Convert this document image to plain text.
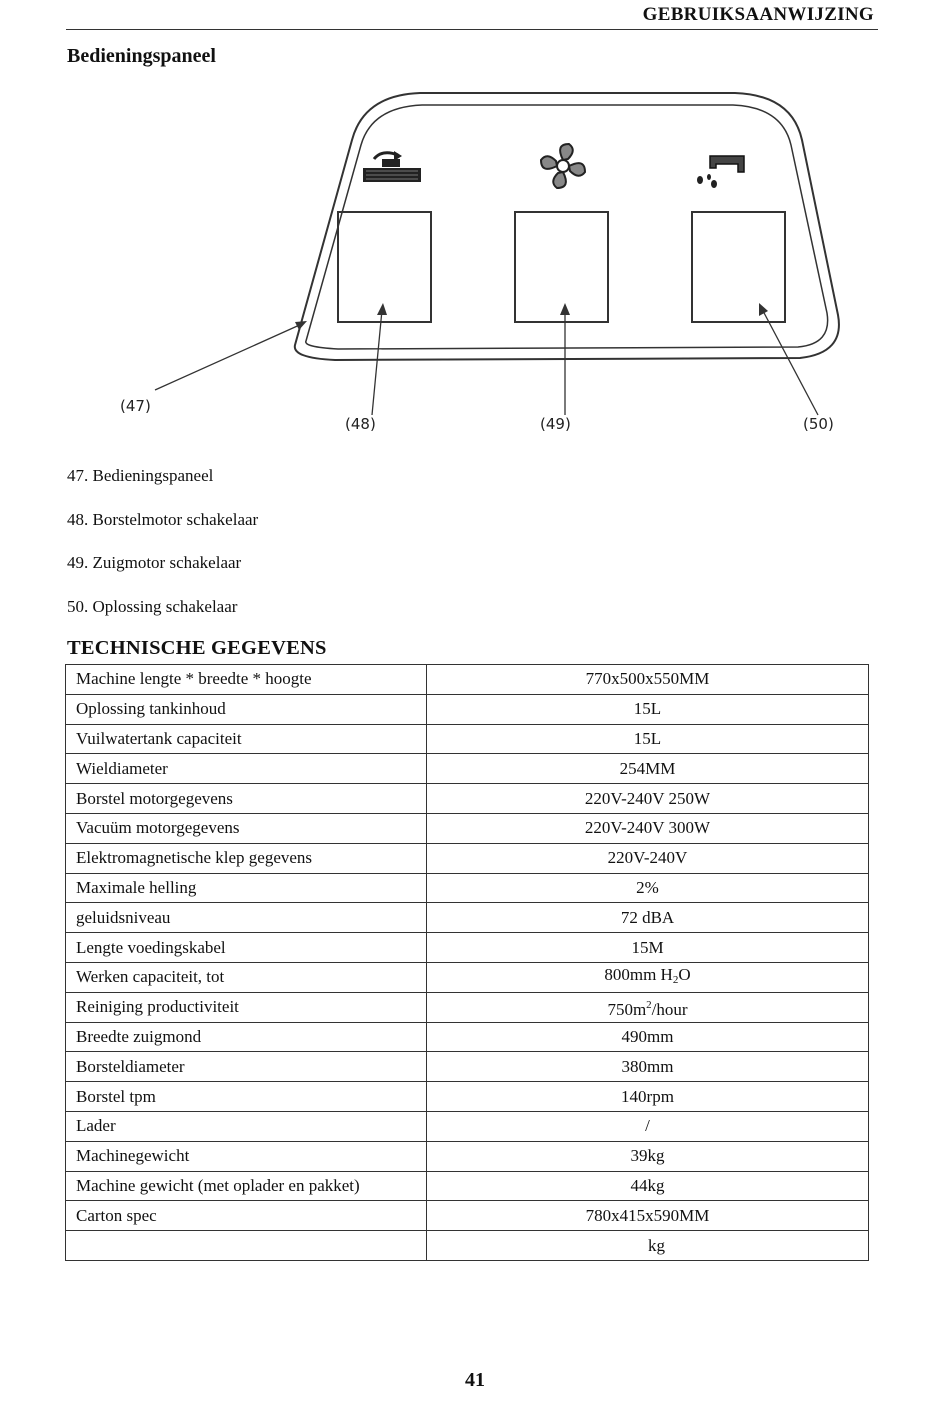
GEBRUIKSAANWIJZING
Bedieningspaneel
(47)
(48)	(49)	(50)
47. Bedieningspaneel
48. Borstelmotor schakelaar
49. Zuigmotor schakelaar
50. Oplossing schakelaar
TECHNISCHE GEGEVENS
Machine lengte * breedte * hoogte	770x500x550MM
Oplossing tankinhoud	15L
Vuilwatertank capaciteit	15L
Wieldiameter	254MM
Borstel motorgegevens	220V-240V 250W
Vacuüm motorgegevens	220V-240V 300W
Elektromagnetische klep gegevens	220V-240V
Maximale helling	2%
geluidsniveau	72 dBA
Lengte voedingskabel	15M
Werken capaciteit, tot	800mm $H_2O$
Reiniging productiviteit	$750m^2$/hour
Breedte zuigmond	490mm
Borsteldiameter	380mm
Borstel tpm	140rpm
Lader	/
Machinegewicht	39kg
Machine gewicht (met oplader en pakket)	44kg
Carton spec	780x415x590MM
	kg
41
